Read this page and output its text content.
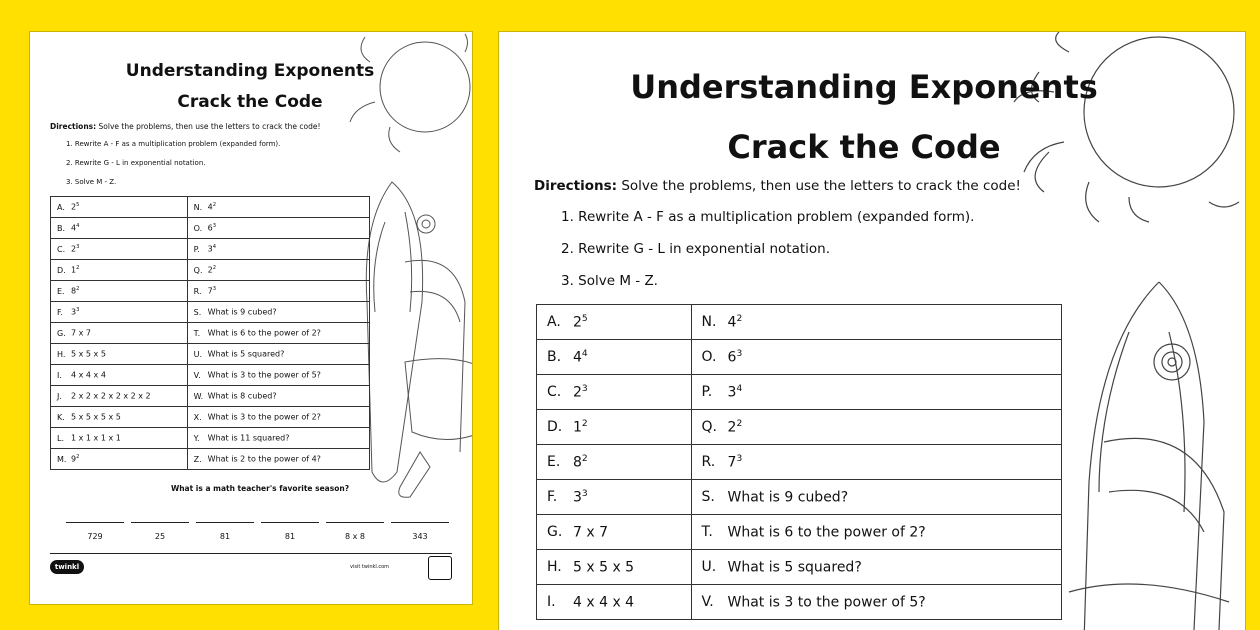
Understanding Exponents
Crack the Code
Directions: Solve the problems, then use the letters to crack the code!
1. Rewrite A - F as a multiplication problem (expanded form).
2. Rewrite G - L in exponential notation.
3. Solve M - Z.
A. $2^5$	N. $4^2$
B. $4^4$	O. $6^3$
C. $2^3$	P. $3^4$
D. $1^2$	Q. $2^2$
E. $8^2$	R. $7^3$
F. $3^3$	S. What is 9 cubed?
G. 7 x 7	T. What is 6 to the power of 2?
H. 5 x 5 x 5	U. What is 5 squared?
I. 4 x 4 x 4	V. What is 3 to the power of 5?
J. 2 x 2 x 2 x 2 x 2 x 2	W. What is 8 cubed?
K. 5 x 5 x 5 x 5	X. What is 3 to the power of 2?
L. 1 x 1 x 1 x 1	Y. What is 11 squared?
M. $9^2$	Z. What is 2 to the power of 4?
What is a math teacher's favorite season?
729	25	81	81	8 x 8	343
twinkl	visit twinkl.com
Understanding Exponents
Crack the Code
Directions: Solve the problems, then use the letters to crack the code!
1. Rewrite A - F as a multiplication problem (expanded form).
2. Rewrite G - L in exponential notation.
3. Solve M - Z.
A. $2^5$	N. $4^2$
B. $4^4$	O. $6^3$
C. $2^3$	P. $3^4$
D. $1^2$	Q. $2^2$
E. $8^2$	R. $7^3$
F. $3^3$	S. What is 9 cubed?
G. 7 x 7	T. What is 6 to the power of 2?
H. 5 x 5 x 5	U. What is 5 squared?
I. 4 x 4 x 4	V. What is 3 to the power of 5?
